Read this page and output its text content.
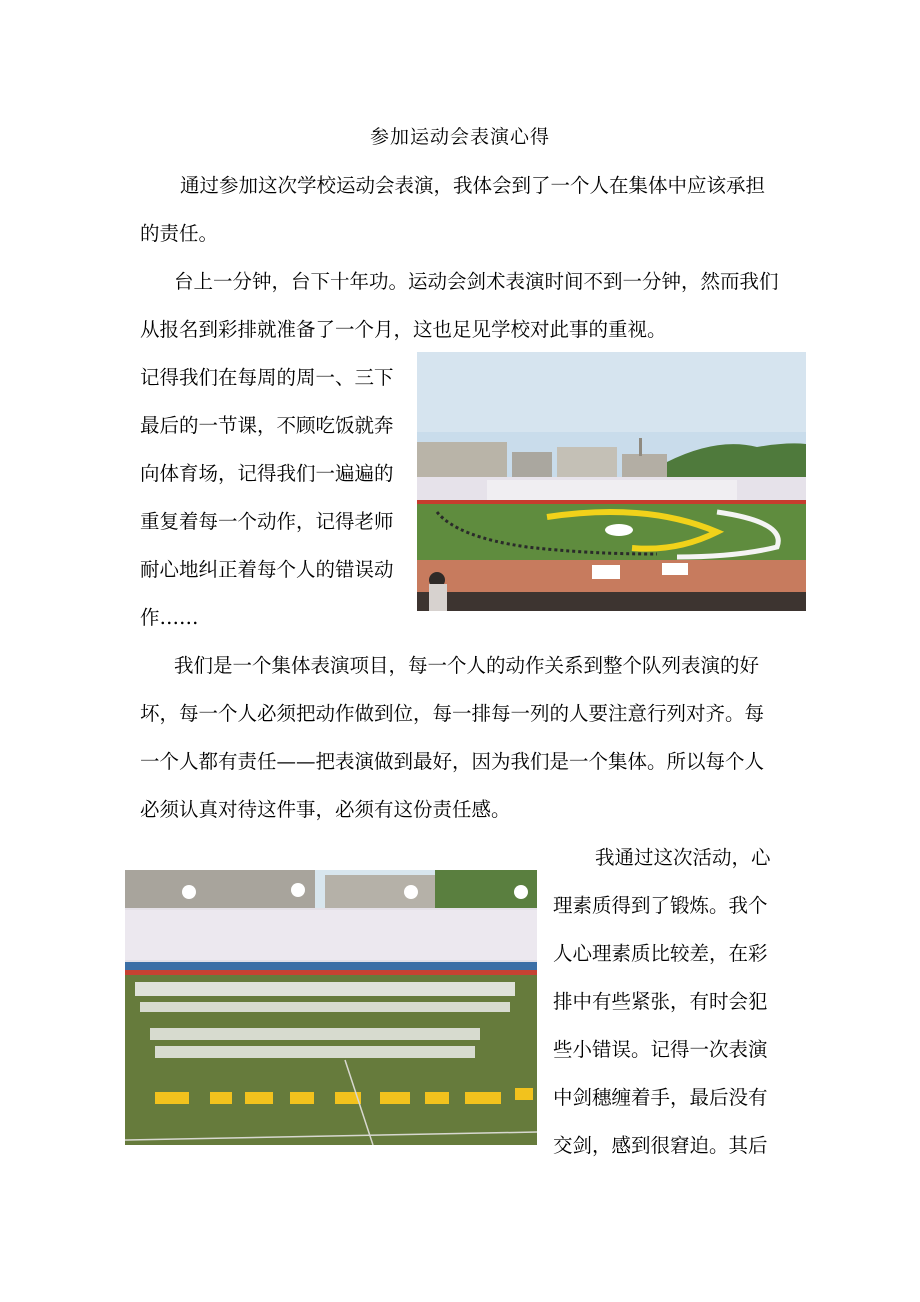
参加运动会表演心得

通过参加这次学校运动会表演，我体会到了一个人在集体中应该承担的责任。

台上一分钟，台下十年功。运动会剑术表演时间不到一分钟，然而我们从报名到彩排就准备了一个月，这也足见学校对此事的重视。

记得我们在每周的周一、三下最后的一节课，不顾吃饭就奔向体育场，记得我们一遍遍的重复着每一个动作，记得老师耐心地纠正着每个人的错误动作……

我们是一个集体表演项目，每一个人的动作关系到整个队列表演的好坏，每一个人必须把动作做到位，每一排每一列的人要注意行列对齐。每一个人都有责任——把表演做到最好，因为我们是一个集体。所以每个人必须认真对待这件事，必须有这份责任感。

我通过这次活动，心理素质得到了锻炼。我个人心理素质比较差，在彩排中有些紧张，有时会犯些小错误。记得一次表演中剑穗缠着手，最后没有交剑，感到很窘迫。其后
